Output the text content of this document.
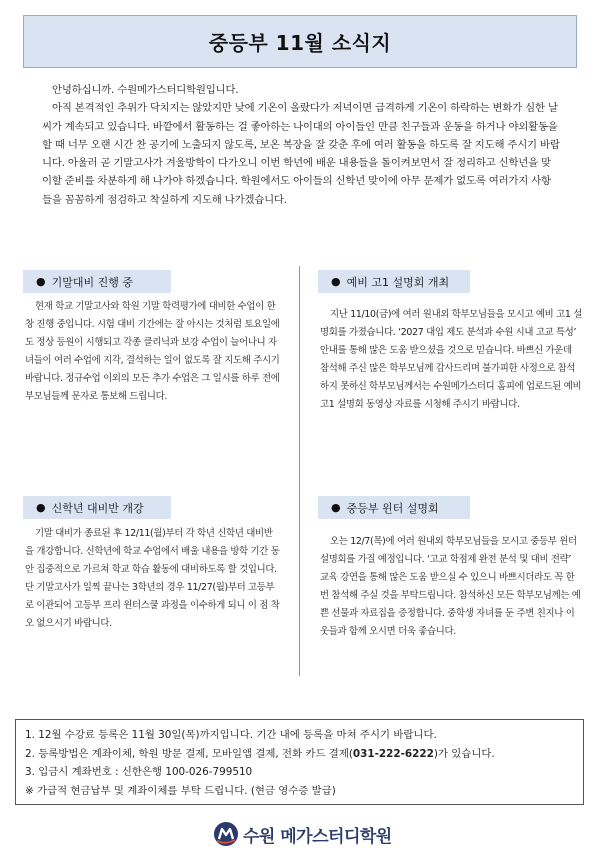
중등부 11월 소식지

안녕하십니까. 수원메가스터디학원입니다.

아직 본격적인 추위가 닥치지는 않았지만 낮에 기온이 올랐다가 저녁이면 급격하게 기온이 하락하는 변화가 심한 날씨가 계속되고 있습니다. 바깥에서 활동하는 걸 좋아하는 나이대의 아이들인 만큼 친구들과 운동을 하거나 야외활동을 할 때 너무 오랜 시간 찬 공기에 노출되지 않도록, 보온 복장을 잘 갖춘 후에 여러 활동을 하도록 잘 지도해 주시기 바랍니다. 아울러 곧 기말고사가 겨울방학이 다가오니 이번 학년에 배운 내용들을 돌이켜보면서 잘 정리하고 신학년을 맞이할 준비를 차분하게 해 나가야 하겠습니다. 학원에서도 아이들의 신학년 맞이에 아무 문제가 없도록 여러가지 사항들을 꼼꼼하게 점검하고 착실하게 지도해 나가겠습니다.

● 기말대비 진행 중

현재 학교 기말고사와 학원 기말 학력평가에 대비한 수업이 한창 진행 중입니다. 시험 대비 기간에는 잘 아시는 것처럼 토요일에도 정상 등원이 시행되고 각종 클리닉과 보강 수업이 늘어나니 자녀들이 여러 수업에 지각, 결석하는 일이 없도록 잘 지도해 주시기 바랍니다. 정규수업 이외의 모든 추가 수업은 그 일시를 하루 전에 부모님들께 문자로 통보해 드립니다.

● 예비 고1 설명회 개최

지난 11/10(금)에 여러 원내외 학부모님들을 모시고 예비 고1 설명회를 가졌습니다. ‘2027 대입 제도 분석과 수원 시내 고교 특성’ 안내를 통해 많은 도움 받으셨을 것으로 믿습니다. 바쁘신 가운데 참석해 주신 많은 학부모님께 감사드리며 불가피한 사정으로 참석하지 못하신 학부모님께서는 수원메가스터디 홈피에 업로드된 예비 고1 설명회 동영상 자료를 시청해 주시기 바랍니다.

● 신학년 대비반 개강

기말 대비가 종료된 후 12/11(월)부터 각 학년 신학년 대비반을 개강합니다. 신학년에 학교 수업에서 배울 내용을 방학 기간 동안 집중적으로 가르쳐 학교 학습 활동에 대비하도록 할 것입니다. 단 기말고사가 일찍 끝나는 3학년의 경우 11/27(월)부터 고등부로 이관되어 고등부 프리 윈터스쿨 과정을 이수하게 되니 이 점 착오 없으시기 바랍니다.

● 중등부 윈터 설명회

오는 12/7(목)에 여러 원내외 학부모님들을 모시고 중등부 윈터 설명회를 가질 예정입니다. ‘고교 학점제 완전 분석 및 대비 전략’ 교육 강연을 통해 많은 도움 받으실 수 있으니 바쁘시더라도 꼭 한번 참석해 주실 것을 부탁드립니다. 참석하신 모든 학부모님께는 예쁜 선물과 자료집을 증정합니다. 중학생 자녀를 둔 주변 친지나 이웃들과 함께 오시면 더욱 좋습니다.

1. 12월 수강료 등록은 11월 30일(목)까지입니다. 기간 내에 등록을 마쳐 주시기 바랍니다.

2. 등록방법은 계좌이체, 학원 방문 결제, 모바일앱 결제, 전화 카드 결제(031-222-6222)가 있습니다.

3. 입금시 계좌번호 : 신한은행 100-026-799510

※ 가급적 현금납부 및 계좌이체를 부탁 드립니다. (현금 영수증 발급)

수원 메가스터디학원
